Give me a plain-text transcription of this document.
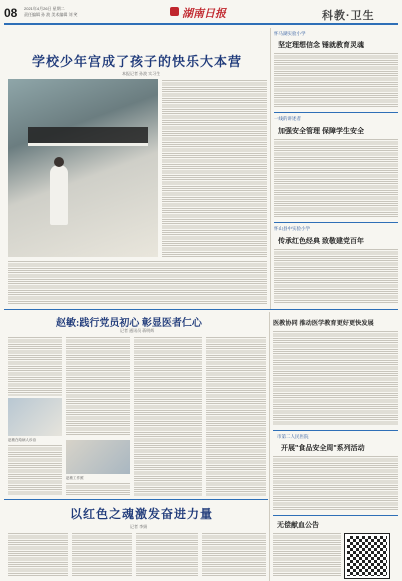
08 2021年4月26日 星期二
责任编辑 孙 波 美术编辑 刘 笑	湖南日报	科教·卫生
学校少年宫成了孩子的快乐大本营
本报记者 孙波 实习生
怀马湖实验小学
坚定理想信念 锤就教育灵魂
一线的讲述者
加强安全管理 保障学生安全
怀山县中实验小学
传承红色经典 致敬建党百年
赵敏:践行党员初心 彰显医者仁心
记者 通讯员 蒋明辉
赵敏在给病人诊治
赵敏工作照
医教协同 推动医学教育更好更快发展
市第二人民医院
开展"食品安全周"系列活动
无偿献血公告
以红色之魂激发奋进力量
记者 李娟
